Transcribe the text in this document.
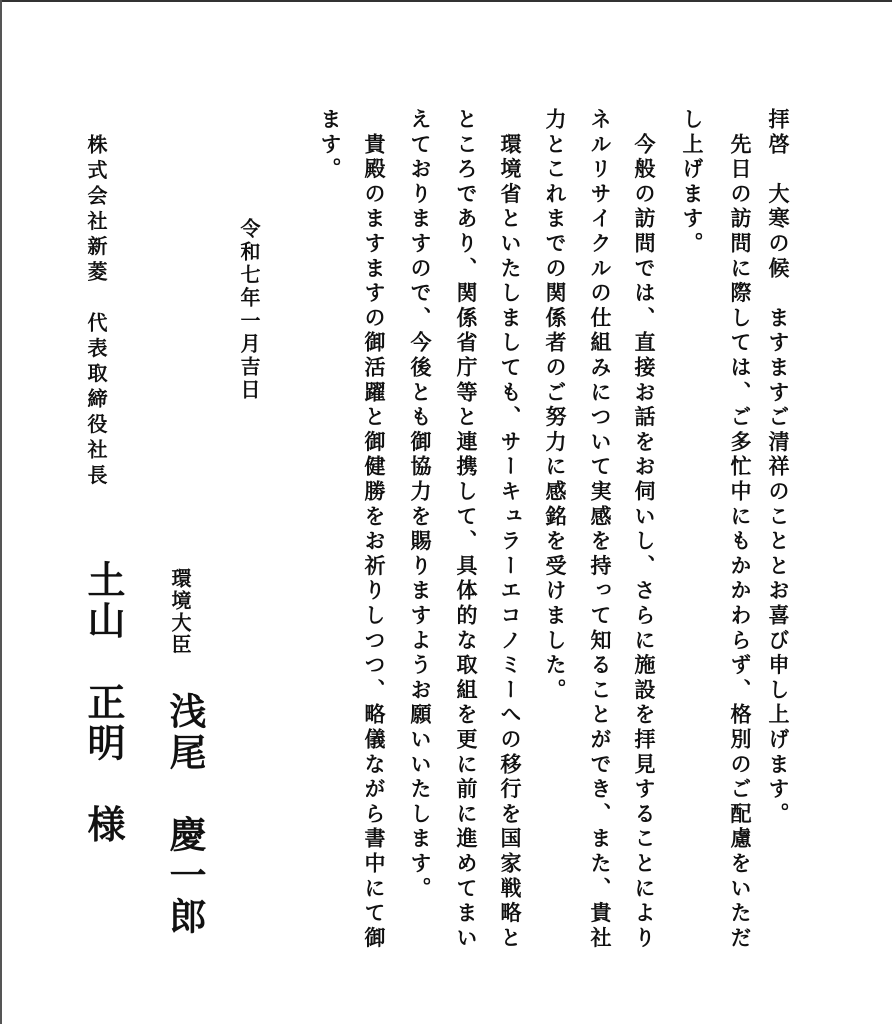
拝啓　大寒の候　ますますご清祥のこととお喜び申し上げます。
　先日の訪問に際しては、ご多忙中にもかかわらず、格別のご配慮をいただ
し上げます。
　今般の訪問では、直接お話をお伺いし、さらに施設を拝見することにより
ネルリサイクルの仕組みについて実感を持って知ることができ、また、貴社
力とこれまでの関係者のご努力に感銘を受けました。
　環境省といたしましても、サーキュラーエコノミーへの移行を国家戦略と
ところであり、関係省庁等と連携して、具体的な取組を更に前に進めてまい
えておりますので、今後とも御協力を賜りますようお願いいたします。
　貴殿のますますの御活躍と御健勝をお祈りしつつ、略儀ながら書中にて御
ます。
令和七年一月吉日
環境大臣
浅尾　慶一郎
株式会社新菱　代表取締役社長
土山　正明　様
